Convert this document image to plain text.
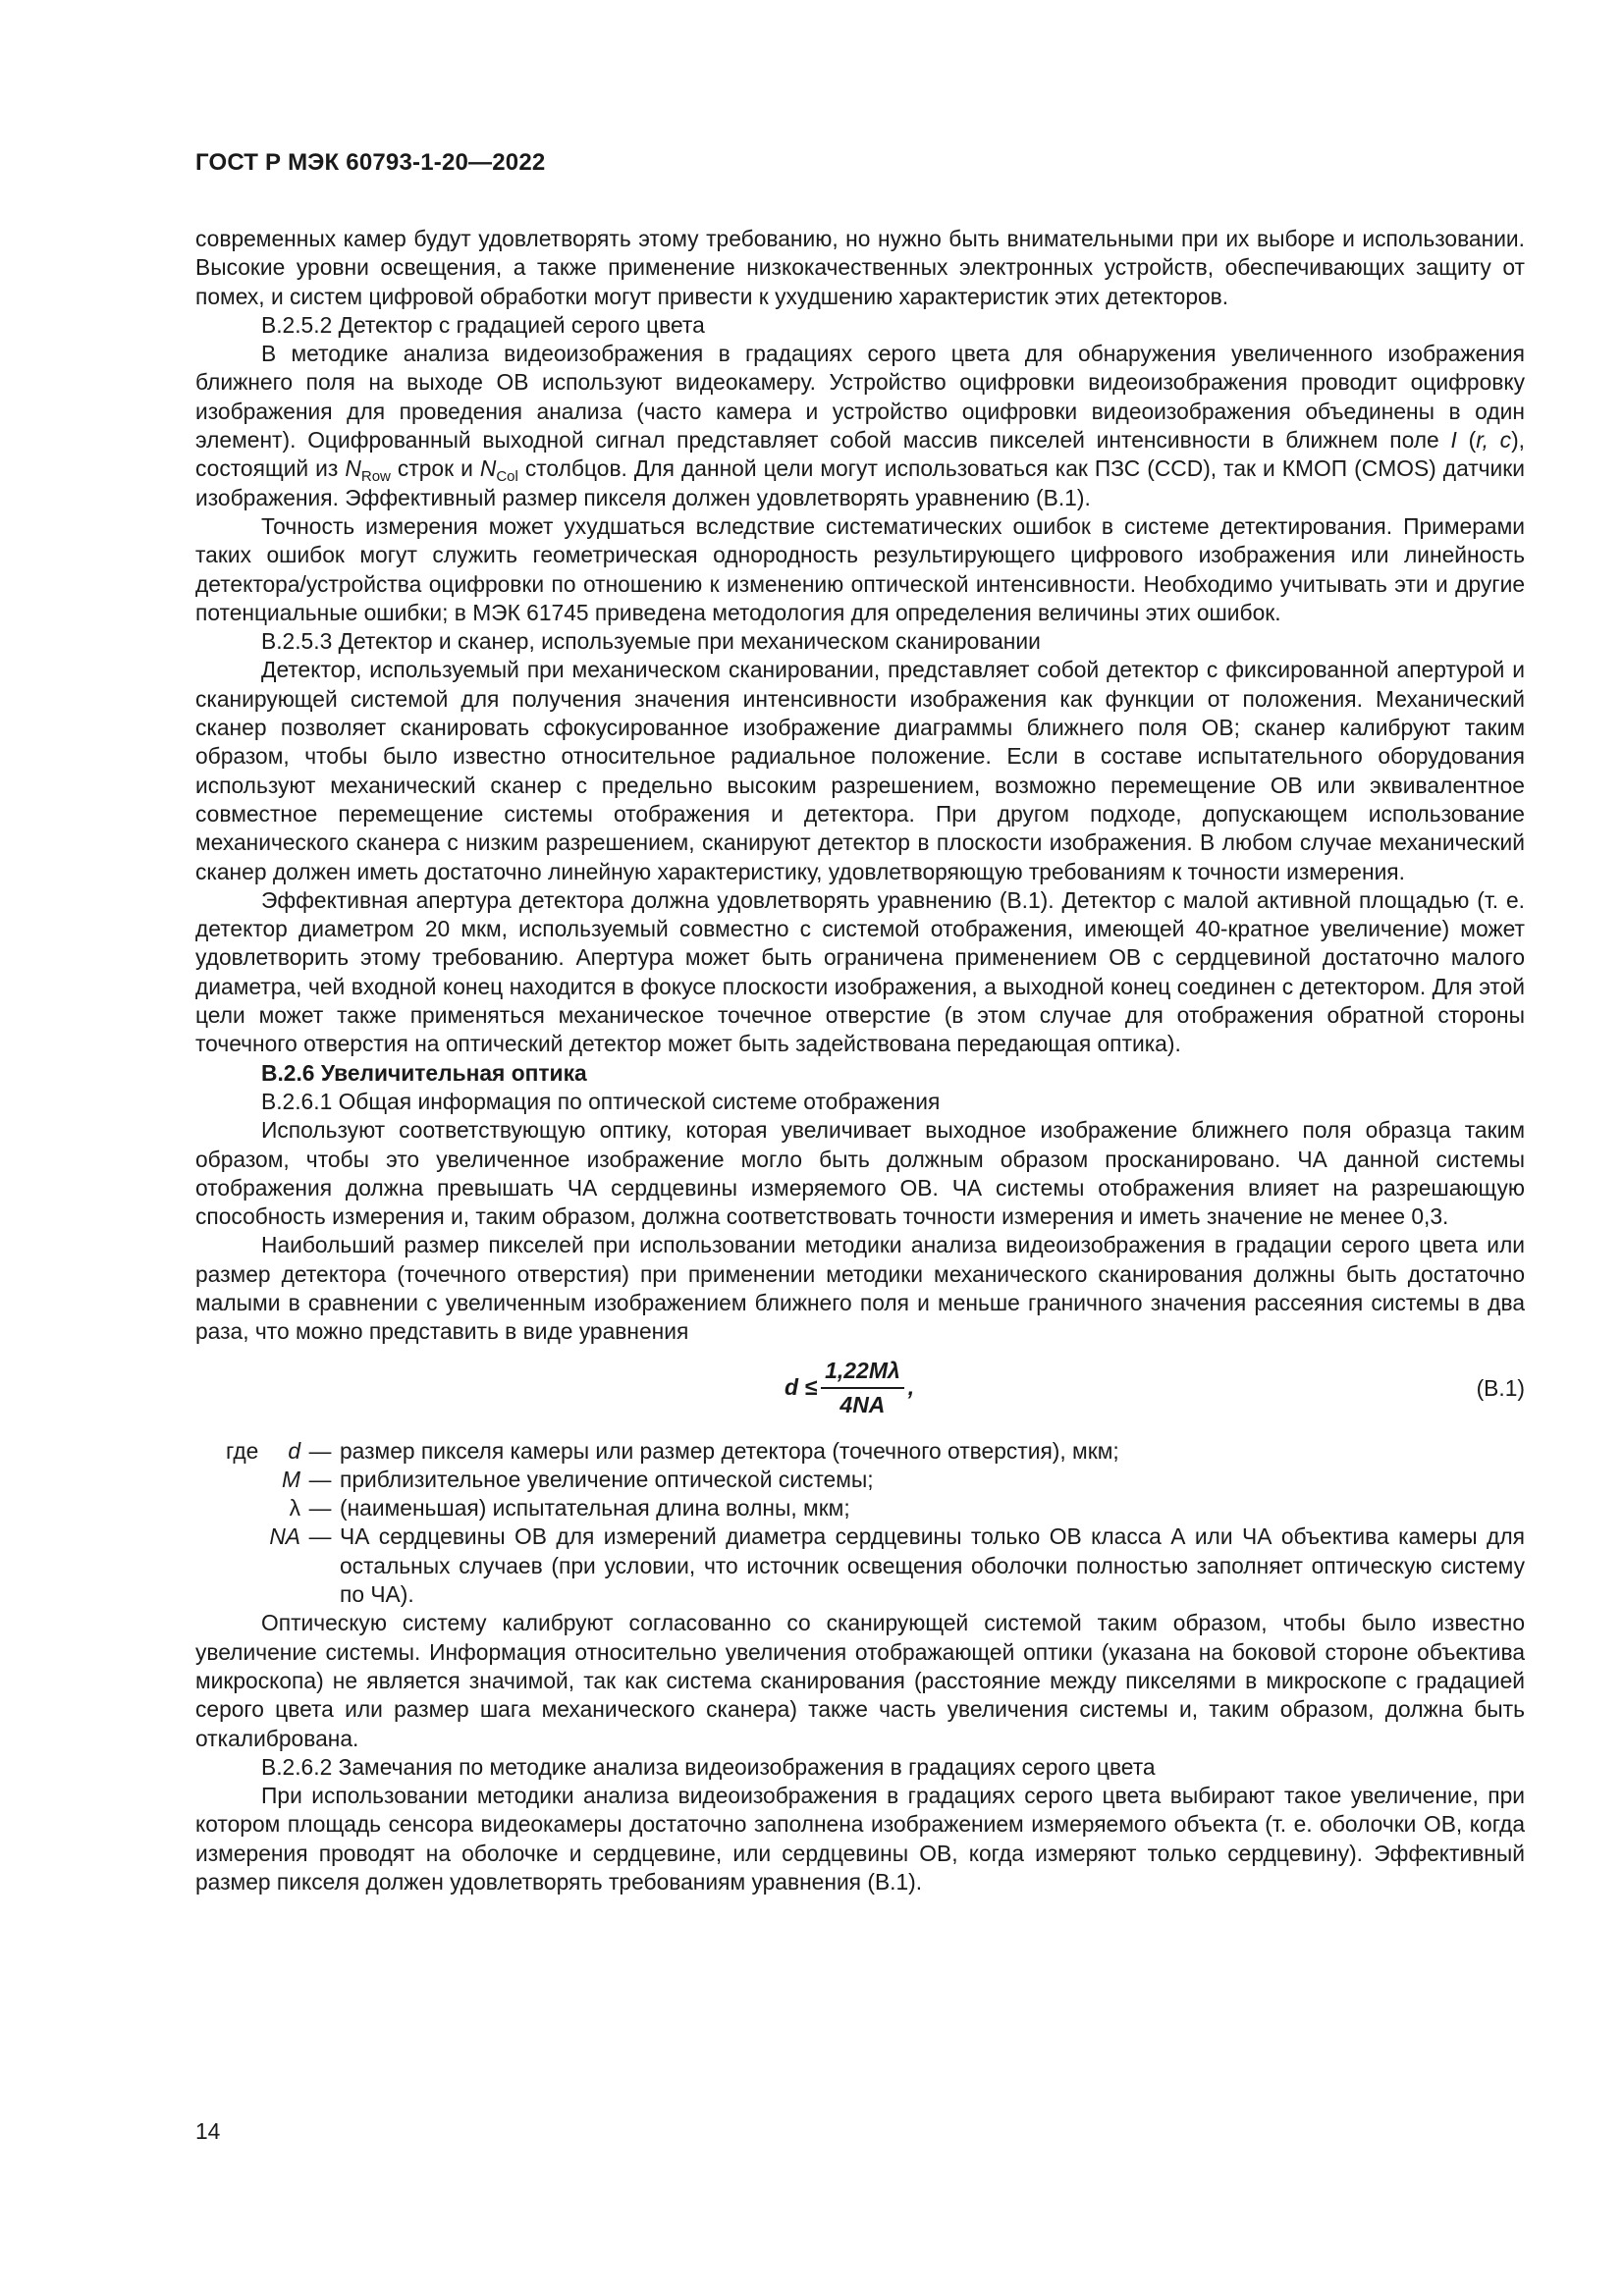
ГОСТ Р МЭК 60793-1-20—2022

современных камер будут удовлетворять этому требованию, но нужно быть внимательными при их выборе и использовании. Высокие уровни освещения, а также применение низкокачественных электронных устройств, обеспечивающих защиту от помех, и систем цифровой обработки могут привести к ухудшению характеристик этих детекторов.

В.2.5.2 Детектор с градацией серого цвета

В методике анализа видеоизображения в градациях серого цвета для обнаружения увеличенного изображения ближнего поля на выходе ОВ используют видеокамеру. Устройство оцифровки видеоизображения проводит оцифровку изображения для проведения анализа (часто камера и устройство оцифровки видеоизображения объединены в один элемент). Оцифрованный выходной сигнал представляет собой массив пикселей интенсивности в ближнем поле I (r, c), состоящий из $N_{Row}$ строк и $N_{Col}$ столбцов. Для данной цели могут использоваться как ПЗС (CCD), так и КМОП (CMOS) датчики изображения. Эффективный размер пикселя должен удовлетворять уравнению (В.1).

Точность измерения может ухудшаться вследствие систематических ошибок в системе детектирования. Примерами таких ошибок могут служить геометрическая однородность результирующего цифрового изображения или линейность детектора/устройства оцифровки по отношению к изменению оптической интенсивности. Необходимо учитывать эти и другие потенциальные ошибки; в МЭК 61745 приведена методология для определения величины этих ошибок.

В.2.5.3 Детектор и сканер, используемые при механическом сканировании

Детектор, используемый при механическом сканировании, представляет собой детектор с фиксированной апертурой и сканирующей системой для получения значения интенсивности изображения как функции от положения. Механический сканер позволяет сканировать сфокусированное изображение диаграммы ближнего поля ОВ; сканер калибруют таким образом, чтобы было известно относительное радиальное положение. Если в составе испытательного оборудования используют механический сканер с предельно высоким разрешением, возможно перемещение ОВ или эквивалентное совместное перемещение системы отображения и детектора. При другом подходе, допускающем использование механического сканера с низким разрешением, сканируют детектор в плоскости изображения. В любом случае механический сканер должен иметь достаточно линейную характеристику, удовлетворяющую требованиям к точности измерения.

Эффективная апертура детектора должна удовлетворять уравнению (В.1). Детектор с малой активной площадью (т. е. детектор диаметром 20 мкм, используемый совместно с системой отображения, имеющей 40-кратное увеличение) может удовлетворить этому требованию. Апертура может быть ограничена применением ОВ с сердцевиной достаточно малого диаметра, чей входной конец находится в фокусе плоскости изображения, а выходной конец соединен с детектором. Для этой цели может также применяться механическое точечное отверстие (в этом случае для отображения обратной стороны точечного отверстия на оптический детектор может быть задействована передающая оптика).

В.2.6 Увеличительная оптика

В.2.6.1 Общая информация по оптической системе отображения

Используют соответствующую оптику, которая увеличивает выходное изображение ближнего поля образца таким образом, чтобы это увеличенное изображение могло быть должным образом просканировано. ЧА данной системы отображения должна превышать ЧА сердцевины измеряемого ОВ. ЧА системы отображения влияет на разрешающую способность измерения и, таким образом, должна соответствовать точности измерения и иметь значение не менее 0,3.

Наибольший размер пикселей при использовании методики анализа видеоизображения в градации серого цвета или размер детектора (точечного отверстия) при применении методики механического сканирования должны быть достаточно малыми в сравнении с увеличенным изображением ближнего поля и меньше граничного значения рассеяния системы в два раза, что можно представить в виде уравнения

$d \le \frac{1,22M\lambda}{4NA}$ ,	(В.1)
где d — размер пикселя камеры или размер детектора (точечного отверстия), мкм;
M — приблизительное увеличение оптической системы;
λ — (наименьшая) испытательная длина волны, мкм;
NA — ЧА сердцевины ОВ для измерений диаметра сердцевины только ОВ класса А или ЧА объектива камеры для остальных случаев (при условии, что источник освещения оболочки полностью заполняет оптическую систему по ЧА).

Оптическую систему калибруют согласованно со сканирующей системой таким образом, чтобы было известно увеличение системы. Информация относительно увеличения отображающей оптики (указана на боковой стороне объектива микроскопа) не является значимой, так как система сканирования (расстояние между пикселями в микроскопе с градацией серого цвета или размер шага механического сканера) также часть увеличения системы и, таким образом, должна быть откалибрована.

В.2.6.2 Замечания по методике анализа видеоизображения в градациях серого цвета

При использовании методики анализа видеоизображения в градациях серого цвета выбирают такое увеличение, при котором площадь сенсора видеокамеры достаточно заполнена изображением измеряемого объекта (т. е. оболочки ОВ, когда измерения проводят на оболочке и сердцевине, или сердцевины ОВ, когда измеряют только сердцевину). Эффективный размер пикселя должен удовлетворять требованиям уравнения (В.1).

14
